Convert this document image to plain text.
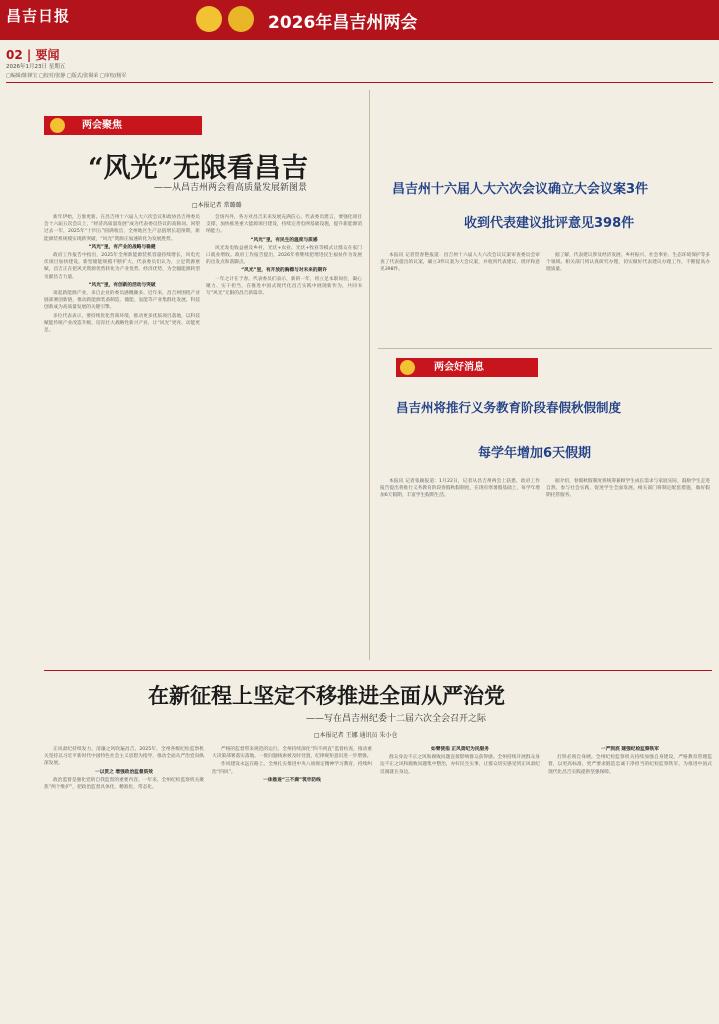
昌吉日报	2026年昌吉州两会
02 | 要闻
2026年1月23日 星期五
□编辑/陈锋宝 □校对/张静 □版式/张锡荣 □审校/杨军
两会聚焦
“风光”无限看昌吉
——从昌吉州两会看高质量发展新图景
□本报记者 常璐璐

新年伊始，万象更新。在昌吉州十六届人大六次会议和政协昌吉州委员会十六届五次会议上，“经济高质量发展”成为代表委员热议的高频词。回望过去一年，2025年“十四五”圆满收官，全州地区生产总值增长超预期，新能源装机规模实现新突破，“风光”资源正加速转化为发展胜势。

“风光”里，有产业的战略与稳健

政府工作报告中指出，2025年全州新能源装机容量持续增长，风电光伏项目加快建设，新型储能规模不断扩大。代表委员们认为，立足资源禀赋，昌吉正在把风光资源优势转化为产业优势、经济优势，为全疆能源转型贡献昌吉力量。

“风光”里，有创新的活动与突破

谈起新能源产业，来自企业的委员感慨颇多。近年来，昌吉州围绕产业链部署创新链，推动新能源装备制造、储能、氢能等产业集群化发展，科技创新成为高质量发展的关键引擎。

多位代表表示，要持续优化营商环境，推动更多优质项目落地，以科技赋能传统产业改造升级，培育壮大战略性新兴产业，让“风光”更亮、动能更足。

会场内外，各方对昌吉未来发展充满信心。代表委员建言，要强化项目支撑，加快推进重大能源项目建设，持续完善电网基础设施，提升新能源消纳能力。

“风光”里，有民生的温度与质感

风光发电收益惠及乡村，光伏+农业、光伏+牧业等模式让群众在家门口就业增收。政府工作报告提出，2026年将继续把增进民生福祉作为发展的出发点和落脚点。

“风光”里，有开放的胸襟与对未来的期许

一年之计在于春。代表委员们表示，新的一年，将立足本职岗位，凝心聚力、实干担当，在推进中国式现代化昌吉实践中展现新作为，共同书写“风光”无限的昌吉新篇章。

昌吉州十六届人大六次会议确立大会议案3件
收到代表建议批评意见398件

本报讯 记者贺春艳报道：昌吉州十六届人大六次会议议案审查委员会审查了代表提出的议案，确立3件议案为大会议案，并收到代表建议、批评和意见398件。

据了解，代表建议涉及经济发展、乡村振兴、社会事业、生态环境保护等多个领域。相关部门将认真研究办理，切实做好代表建议办理工作，不断提高办理质量。

两会好消息
昌吉州将推行义务教育阶段春假秋假制度
每学年增加6天假期

本报讯 记者张颖报道：1月22日，记者从昌吉州两会上获悉，政府工作报告提出将推行义务教育阶段春假秋假制度，在现有寒暑假基础上，每学年增加6天假期，丰富学生假期生活。

据介绍，春假秋假制度将统筹兼顾学生成长需求与家庭实际，鼓励学生走进自然、参与社会实践，促进学生全面发展。相关部门将制定配套措施，做好假期托管服务。

在新征程上坚定不移推进全面从严治党
——写在昌吉州纪委十二届六次全会召开之际
□本报记者 王娜 通讯员 朱小仓

正风肃纪持续发力，清廉之风吹遍昌吉。2025年，全州各级纪检监察机关坚持以习近平新时代中国特色社会主义思想为指导，推动全面从严治党向纵深发展。

一以贯之 增强政治监督质效

政治监督是强化党的自我监督的重要内容。一年来，全州纪检监察机关聚焦“两个维护”，把政治监督具体化、精准化、常态化。

严格的监督带来规范的运行。全州持续深化“四不两直”监督检查，推动重大决策部署落实落地。一批问题线索被及时处置，纪律规矩意识进一步增强。

作风建设永远在路上。全州扎实推进中央八项规定精神学习教育，持续纠治“四风”。

一体推进“三不腐”筑牢防线

如臂使指 正风肃纪为民服务

群众身边不正之风和腐败问题直接影响群众获得感。全州持续开展群众身边不正之风和腐败问题集中整治，办好民生实事，让群众切实感受到正风肃纪反腐就在身边。

一严到底 建强纪检监察铁军

打铁必须自身硬。全州纪检监察机关持续加强自身建设，严格教育管理监督，以更高标准、更严要求锻造忠诚干净担当的纪检监察铁军，为推进中国式现代化昌吉实践提供坚强保障。
